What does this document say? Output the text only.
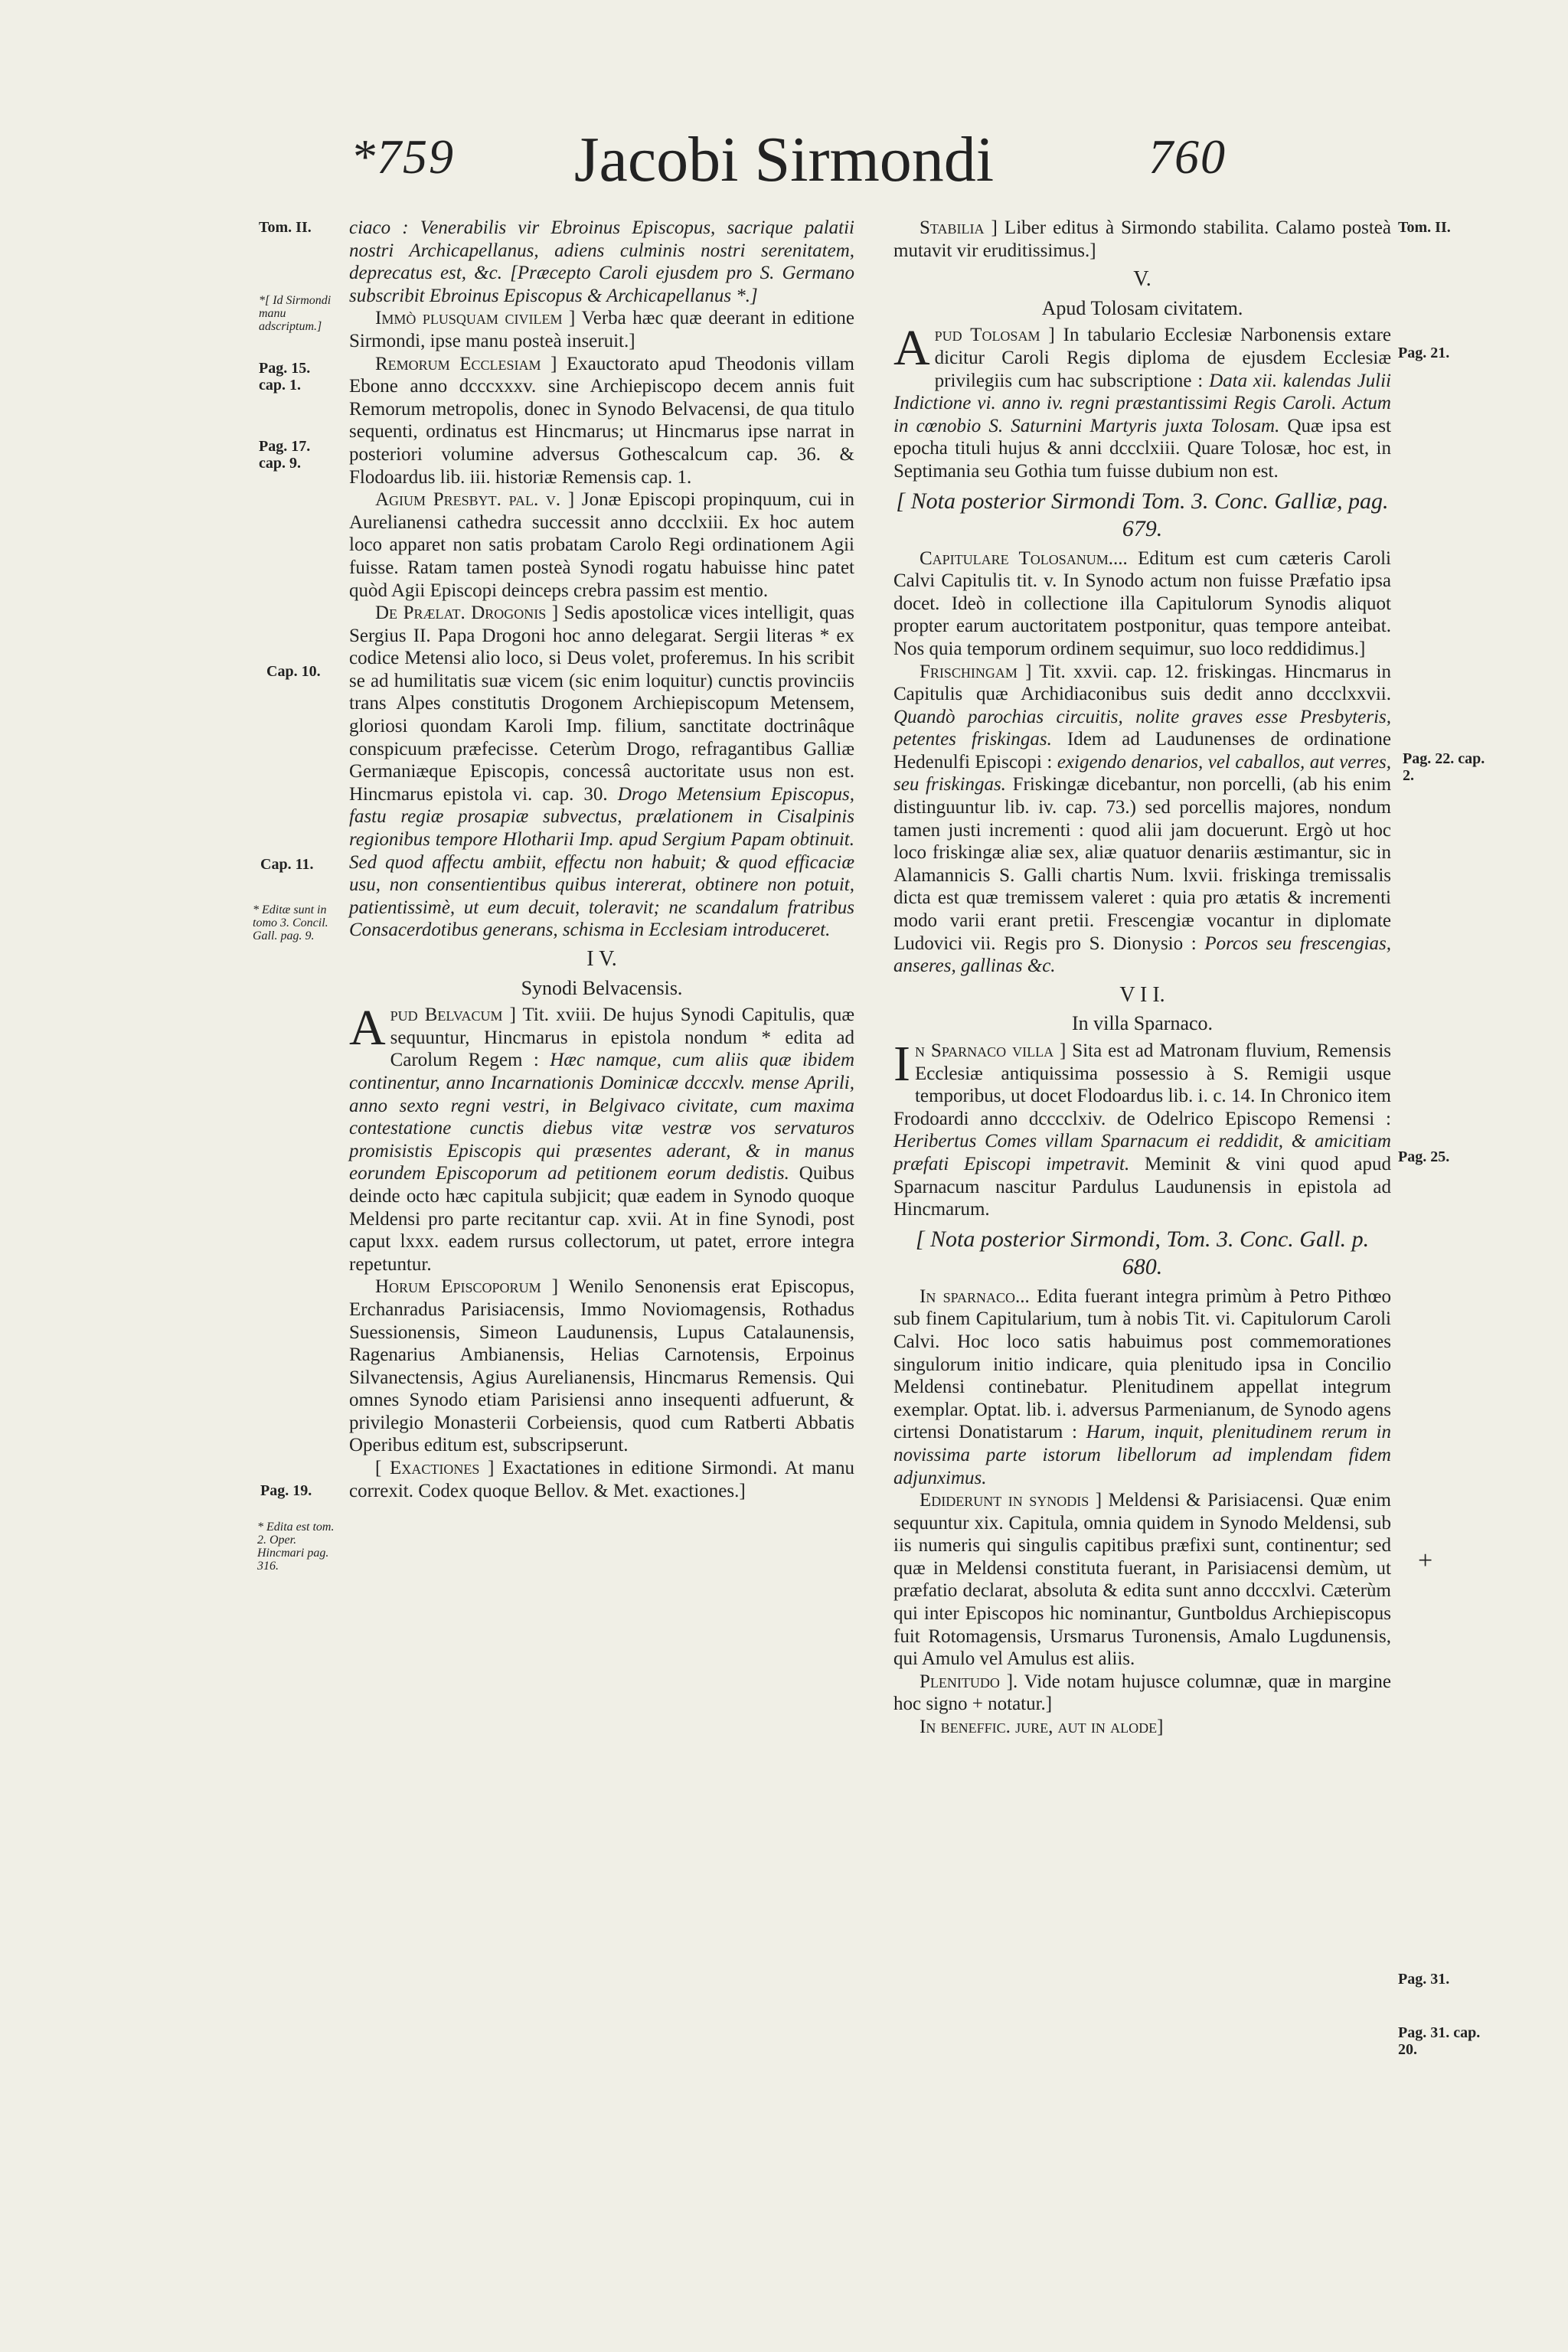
*759	Jacobi Sirmondi	760
Tom. II.
*[ Id Sirmondi manu adscriptum.]
Pag. 15. cap. 1.
Pag. 17. cap. 9.
Cap. 10.
Cap. 11.
* Editæ sunt in tomo 3. Concil. Gall. pag. 9.
Pag. 19.
* Edita est tom. 2. Oper. Hincmari pag. 316.
Tom. II.
Pag. 21.
Pag. 22. cap. 2.
Pag. 25.
+
Pag. 31.
Pag. 31. cap. 20.

ciaco : Venerabilis vir Ebroinus Episcopus, sacrique palatii nostri Archicapellanus, adiens culminis nostri serenitatem, deprecatus est, &c. [Præcepto Caroli ejusdem pro S. Germano subscribit Ebroinus Episcopus & Archicapellanus *.]

Immò plusquam civilem ] Verba hæc quæ deerant in editione Sirmondi, ipse manu posteà inseruit.]

Remorum Ecclesiam ] Exauctorato apud Theodonis villam Ebone anno dcccxxxv. sine Archiepiscopo decem annis fuit Remorum metropolis, donec in Synodo Belvacensi, de qua titulo sequenti, ordinatus est Hincmarus; ut Hincmarus ipse narrat in posteriori volumine adversus Gothescalcum cap. 36. & Flodoardus lib. iii. historiæ Remensis cap. 1.

Agium Presbyt. pal. v. ] Jonæ Episcopi propinquum, cui in Aurelianensi cathedra successit anno dccclxiii. Ex hoc autem loco apparet non satis probatam Carolo Regi ordinationem Agii fuisse. Ratam tamen posteà Synodi rogatu habuisse hinc patet quòd Agii Episcopi deinceps crebra passim est mentio.

De Prælat. Drogonis ] Sedis apostolicæ vices intelligit, quas Sergius II. Papa Drogoni hoc anno delegarat. Sergii literas * ex codice Metensi alio loco, si Deus volet, proferemus. In his scribit se ad humilitatis suæ vicem (sic enim loquitur) cunctis provinciis trans Alpes constitutis Drogonem Archiepiscopum Metensem, gloriosi quondam Karoli Imp. filium, sanctitate doctrinâque conspicuum præfecisse. Ceterùm Drogo, refragantibus Galliæ Germaniæque Episcopis, concessâ auctoritate usus non est. Hincmarus epistola vi. cap. 30. Drogo Metensium Episcopus, fastu regiæ prosapiæ subvectus, prælationem in Cisalpinis regionibus tempore Hlotharii Imp. apud Sergium Papam obtinuit. Sed quod affectu ambiit, effectu non habuit; & quod efficaciæ usu, non consentientibus quibus intererat, obtinere non potuit, patientissimè, ut eum decuit, toleravit; ne scandalum fratribus Consacerdotibus generans, schisma in Ecclesiam introduceret.

I V.
Synodi Belvacensis.

Apud Belvacum ] Tit. xviii. De hujus Synodi Capitulis, quæ sequuntur, Hincmarus in epistola nondum * edita ad Carolum Regem : Hæc namque, cum aliis quæ ibidem continentur, anno Incarnationis Dominicæ dcccxlv. mense Aprili, anno sexto regni vestri, in Belgivaco civitate, cum maxima contestatione cunctis diebus vitæ vestræ vos servaturos promisistis Episcopis qui præsentes aderant, & in manus eorundem Episcoporum ad petitionem eorum dedistis. Quibus deinde octo hæc capitula subjicit; quæ eadem in Synodo quoque Meldensi pro parte recitantur cap. xvii. At in fine Synodi, post caput lxxx. eadem rursus collectorum, ut patet, errore integra repetuntur.

Horum Episcoporum ] Wenilo Senonensis erat Episcopus, Erchanradus Parisiacensis, Immo Noviomagensis, Rothadus Suessionensis, Simeon Laudunensis, Lupus Catalaunensis, Ragenarius Ambianensis, Helias Carnotensis, Erpoinus Silvanectensis, Agius Aurelianensis, Hincmarus Remensis. Qui omnes Synodo etiam Parisiensi anno insequenti adfuerunt, & privilegio Monasterii Corbeiensis, quod cum Ratberti Abbatis Operibus editum est, subscripserunt.

[ Exactiones ] Exactationes in editione Sirmondi. At manu correxit. Codex quoque Bellov. & Met. exactiones.]

Stabilia ] Liber editus à Sirmondo stabilita. Calamo posteà mutavit vir eruditissimus.]

V.
Apud Tolosam civitatem.

Apud Tolosam ] In tabulario Ecclesiæ Narbonensis extare dicitur Caroli Regis diploma de ejusdem Ecclesiæ privilegiis cum hac subscriptione : Data xii. kalendas Julii Indictione vi. anno iv. regni præstantissimi Regis Caroli. Actum in cœnobio S. Saturnini Martyris juxta Tolosam. Quæ ipsa est epocha tituli hujus & anni dccclxiii. Quare Tolosæ, hoc est, in Septimania seu Gothia tum fuisse dubium non est.

[ Nota posterior Sirmondi Tom. 3. Conc. Galliæ, pag. 679.

Capitulare Tolosanum.... Editum est cum cæteris Caroli Calvi Capitulis tit. v. In Synodo actum non fuisse Præfatio ipsa docet. Ideò in collectione illa Capitulorum Synodis aliquot propter earum auctoritatem postponitur, quas tempore anteibat. Nos quia temporum ordinem sequimur, suo loco reddidimus.]

Frischingam ] Tit. xxvii. cap. 12. friskingas. Hincmarus in Capitulis quæ Archidiaconibus suis dedit anno dccclxxvii. Quandò parochias circuitis, nolite graves esse Presbyteris, petentes friskingas. Idem ad Laudunenses de ordinatione Hedenulfi Episcopi : exigendo denarios, vel caballos, aut verres, seu friskingas. Friskingæ dicebantur, non porcelli, (ab his enim distinguuntur lib. iv. cap. 73.) sed porcellis majores, nondum tamen justi incrementi : quod alii jam docuerunt. Ergò ut hoc loco friskingæ aliæ sex, aliæ quatuor denariis æstimantur, sic in Alamannicis S. Galli chartis Num. lxvii. friskinga tremissalis dicta est quæ tremissem valeret : quia pro ætatis & incrementi modo varii erant pretii. Frescengiæ vocantur in diplomate Ludovici vii. Regis pro S. Dionysio : Porcos seu frescengias, anseres, gallinas &c.

V I I.
In villa Sparnaco.

In Sparnaco villa ] Sita est ad Matronam fluvium, Remensis Ecclesiæ antiquissima possessio à S. Remigii usque temporibus, ut docet Flodoardus lib. i. c. 14. In Chronico item Frodoardi anno dcccclxiv. de Odelrico Episcopo Remensi : Heribertus Comes villam Sparnacum ei reddidit, & amicitiam præfati Episcopi impetravit. Meminit & vini quod apud Sparnacum nascitur Pardulus Laudunensis in epistola ad Hincmarum.

[ Nota posterior Sirmondi, Tom. 3. Conc. Gall. p. 680.

In sparnaco... Edita fuerant integra primùm à Petro Pithœo sub finem Capitularium, tum à nobis Tit. vi. Capitulorum Caroli Calvi. Hoc loco satis habuimus post commemorationes singulorum initio indicare, quia plenitudo ipsa in Concilio Meldensi continebatur. Plenitudinem appellat integrum exemplar. Optat. lib. i. adversus Parmenianum, de Synodo agens cirtensi Donatistarum : Harum, inquit, plenitudinem rerum in novissima parte istorum libellorum ad implendam fidem adjunximus.

Ediderunt in synodis ] Meldensi & Parisiacensi. Quæ enim sequuntur xix. Capitula, omnia quidem in Synodo Meldensi, sub iis numeris qui singulis capitibus præfixi sunt, continentur; sed quæ in Meldensi constituta fuerant, in Parisiacensi demùm, ut præfatio declarat, absoluta & edita sunt anno dcccxlvi. Cæterùm qui inter Episcopos hic nominantur, Guntboldus Archiepiscopus fuit Rotomagensis, Ursmarus Turonensis, Amalo Lugdunensis, qui Amulo vel Amulus est aliis.

Plenitudo ]. Vide notam hujusce columnæ, quæ in margine hoc signo + notatur.]

In beneffic. jure, aut in alode]
